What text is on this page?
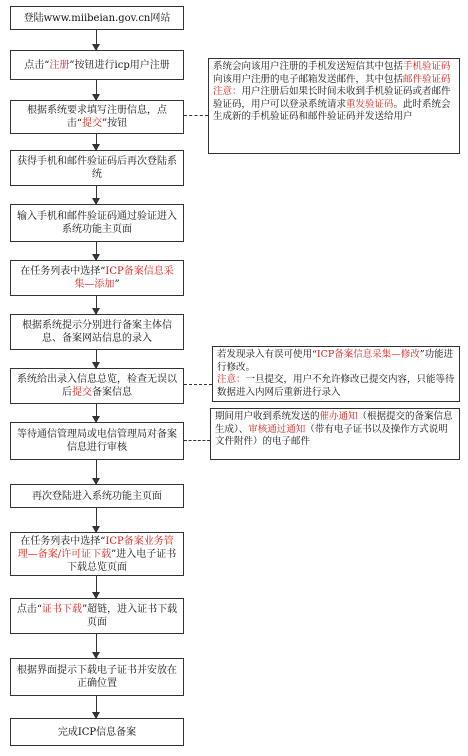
登陆www.miibeian.gov.cn网站
点击“注册”按钮进行icp用户注册
根据系统要求填写注册信息，点击“提交”按钮
获得手机和邮件验证码后再次登陆系统
输入手机和邮件验证码通过验证进入系统功能主页面
在任务列表中选择“ICP备案信息采集—添加”
根据系统提示分别进行备案主体信息、备案网站信息的录入
系统给出录入信息总览，检查无误以后提交备案信息
等待通信管理局或电信管理局对备案信息进行审核
再次登陆进入系统功能主页面
在任务列表中选择“ICP备案业务管理—备案/许可证下载”进入电子证书下载总览页面
点击“证书下载”超链，进入证书下载页面
根据界面提示下载电子证书并安放在正确位置
完成ICP信息备案
系统会向该用户注册的手机发送短信其中包括手机验证码
向该用户注册的电子邮箱发送邮件，其中包括邮件验证码
注意：用户注册后如果长时间未收到手机验证码或者邮件验证码，用户可以登录系统请求重发验证码。此时系统会生成新的手机验证码和邮件验证码并发送给用户
若发现录入有误可使用“ICP备案信息采集—修改”功能进行修改。
注意：一旦提交，用户不允许修改已提交内容，只能等待数据进入内网后重新进行录入
期间用户收到系统发送的催办通知（根据提交的备案信息生成）、审核通过通知（带有电子证书以及操作方式说明文件附件）的电子邮件
